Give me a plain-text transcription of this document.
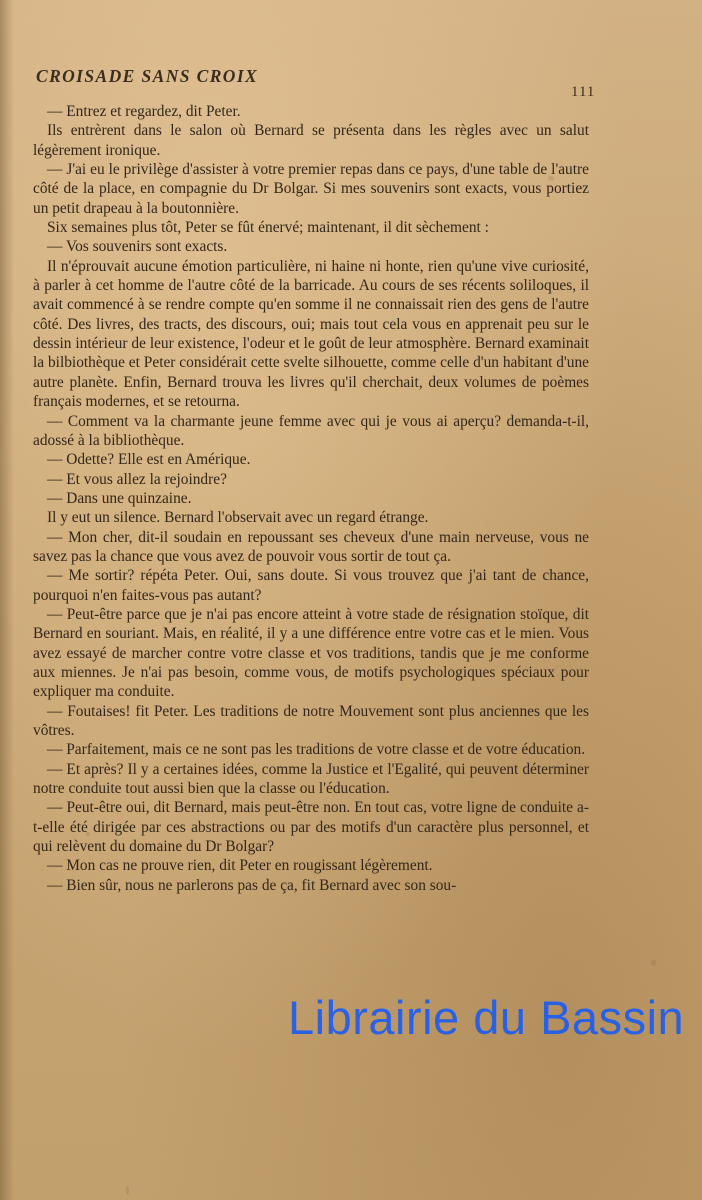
CROISADE SANS CROIX
111

— Entrez et regardez, dit Peter.

Ils entrèrent dans le salon où Bernard se présenta dans les règles avec un salut légèrement ironique.

— J'ai eu le privilège d'assister à votre premier repas dans ce pays, d'une table de l'autre côté de la place, en compagnie du Dr Bolgar. Si mes souvenirs sont exacts, vous portiez un petit drapeau à la boutonnière.

Six semaines plus tôt, Peter se fût énervé; maintenant, il dit sèchement :

— Vos souvenirs sont exacts.

Il n'éprouvait aucune émotion particulière, ni haine ni honte, rien qu'une vive curiosité, à parler à cet homme de l'autre côté de la barricade. Au cours de ses récents soliloques, il avait commencé à se rendre compte qu'en somme il ne connaissait rien des gens de l'autre côté. Des livres, des tracts, des discours, oui; mais tout cela vous en apprenait peu sur le dessin intérieur de leur existence, l'odeur et le goût de leur atmosphère. Bernard examinait la bilbiothèque et Peter considérait cette svelte silhouette, comme celle d'un habitant d'une autre planète. Enfin, Bernard trouva les livres qu'il cherchait, deux volumes de poèmes français modernes, et se retourna.

— Comment va la charmante jeune femme avec qui je vous ai aperçu? demanda-t-il, adossé à la bibliothèque.

— Odette? Elle est en Amérique.

— Et vous allez la rejoindre?

— Dans une quinzaine.

Il y eut un silence. Bernard l'observait avec un regard étrange.

— Mon cher, dit-il soudain en repoussant ses cheveux d'une main nerveuse, vous ne savez pas la chance que vous avez de pouvoir vous sortir de tout ça.

— Me sortir? répéta Peter. Oui, sans doute. Si vous trouvez que j'ai tant de chance, pourquoi n'en faites-vous pas autant?

— Peut-être parce que je n'ai pas encore atteint à votre stade de résignation stoïque, dit Bernard en souriant. Mais, en réalité, il y a une différence entre votre cas et le mien. Vous avez essayé de marcher contre votre classe et vos traditions, tandis que je me conforme aux miennes. Je n'ai pas besoin, comme vous, de motifs psychologiques spéciaux pour expliquer ma conduite.

— Foutaises! fit Peter. Les traditions de notre Mouvement sont plus anciennes que les vôtres.

— Parfaitement, mais ce ne sont pas les traditions de votre classe et de votre éducation.

— Et après? Il y a certaines idées, comme la Justice et l'Egalité, qui peuvent déterminer notre conduite tout aussi bien que la classe ou l'éducation.

— Peut-être oui, dit Bernard, mais peut-être non. En tout cas, votre ligne de conduite a-t-elle été dirigée par ces abstractions ou par des motifs d'un caractère plus personnel, et qui relèvent du domaine du Dr Bolgar?

— Mon cas ne prouve rien, dit Peter en rougissant légèrement.

— Bien sûr, nous ne parlerons pas de ça, fit Bernard avec son sou-

Librairie du Bassin
